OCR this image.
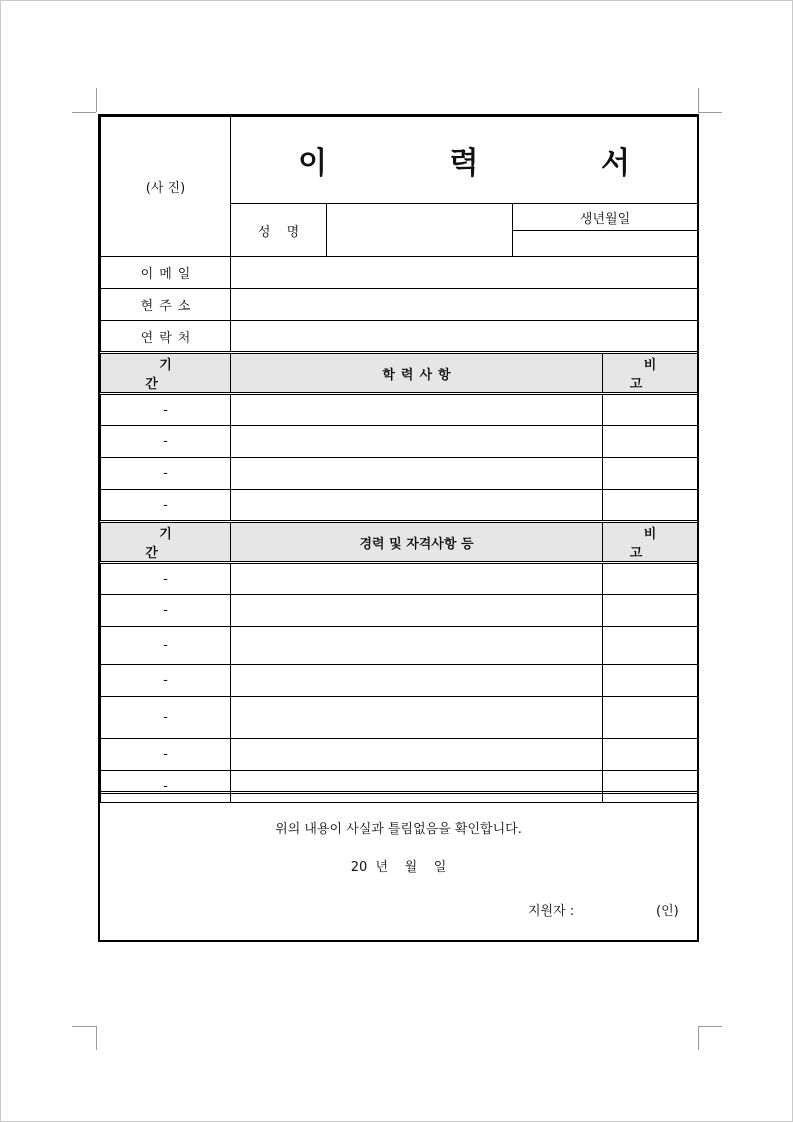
(사 진)	이 력 서			
	성 명		생년월일	

이메일				
현주소				
연락처				
기 간	학력사항			비 고
-				
-				
-				
-				
기 간	경력 및 자격사항 등			비 고
-				
-				
-				
-				
-				
-				
-				
위의 내용이 사실과 틀림없음을 확인합니다.
20  년    월    일
지원자 :	(인)
